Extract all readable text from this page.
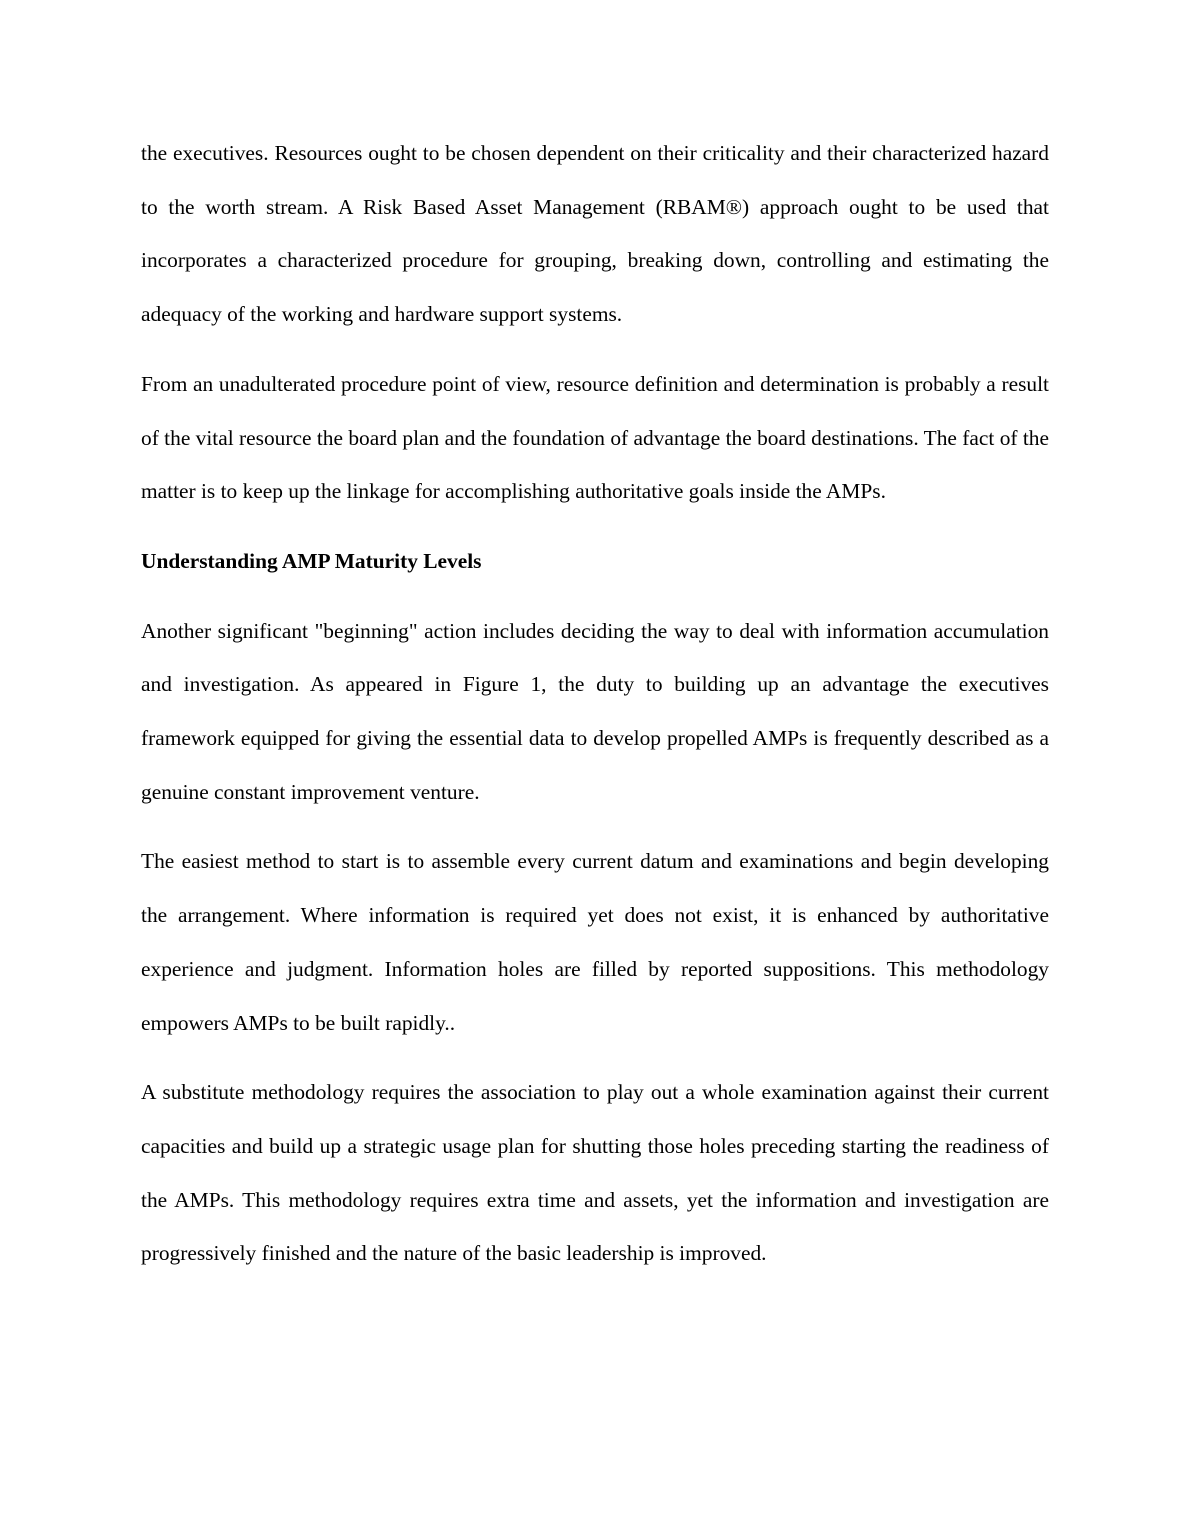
the executives. Resources ought to be chosen dependent on their criticality and their characterized hazard to the worth stream. A Risk Based Asset Management (RBAM®) approach ought to be used that incorporates a characterized procedure for grouping, breaking down, controlling and estimating the adequacy of the working and hardware support systems.

From an unadulterated procedure point of view, resource definition and determination is probably a result of the vital resource the board plan and the foundation of advantage the board destinations. The fact of the matter is to keep up the linkage for accomplishing authoritative goals inside the AMPs.

Understanding AMP Maturity Levels

Another significant "beginning" action includes deciding the way to deal with information accumulation and investigation. As appeared in Figure 1, the duty to building up an advantage the executives framework equipped for giving the essential data to develop propelled AMPs is frequently described as a genuine constant improvement venture.

The easiest method to start is to assemble every current datum and examinations and begin developing the arrangement. Where information is required yet does not exist, it is enhanced by authoritative experience and judgment. Information holes are filled by reported suppositions. This methodology empowers AMPs to be built rapidly..

A substitute methodology requires the association to play out a whole examination against their current capacities and build up a strategic usage plan for shutting those holes preceding starting the readiness of the AMPs. This methodology requires extra time and assets, yet the information and investigation are progressively finished and the nature of the basic leadership is improved.
